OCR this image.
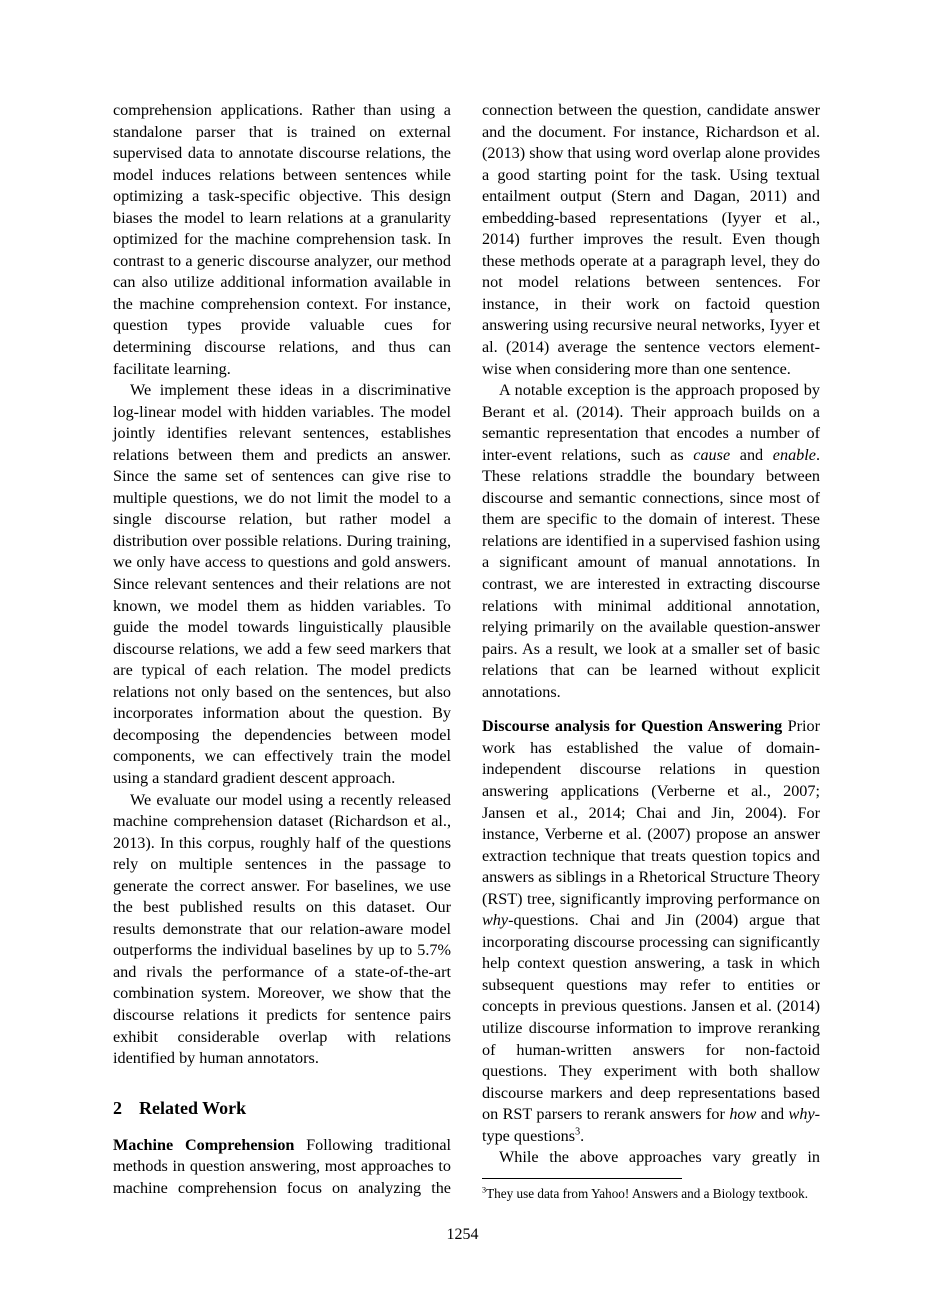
comprehension applications. Rather than using a standalone parser that is trained on external supervised data to annotate discourse relations, the model induces relations between sentences while optimizing a task-specific objective. This design biases the model to learn relations at a granularity optimized for the machine comprehension task. In contrast to a generic discourse analyzer, our method can also utilize additional information available in the machine comprehension context. For instance, question types provide valuable cues for determining discourse relations, and thus can facilitate learning.

We implement these ideas in a discriminative log-linear model with hidden variables. The model jointly identifies relevant sentences, establishes relations between them and predicts an answer. Since the same set of sentences can give rise to multiple questions, we do not limit the model to a single discourse relation, but rather model a distribution over possible relations. During training, we only have access to questions and gold answers. Since relevant sentences and their relations are not known, we model them as hidden variables. To guide the model towards linguistically plausible discourse relations, we add a few seed markers that are typical of each relation. The model predicts relations not only based on the sentences, but also incorporates information about the question. By decomposing the dependencies between model components, we can effectively train the model using a standard gradient descent approach.

We evaluate our model using a recently released machine comprehension dataset (Richardson et al., 2013). In this corpus, roughly half of the questions rely on multiple sentences in the passage to generate the correct answer. For baselines, we use the best published results on this dataset. Our results demonstrate that our relation-aware model outperforms the individual baselines by up to 5.7% and rivals the performance of a state-of-the-art combination system. Moreover, we show that the discourse relations it predicts for sentence pairs exhibit considerable overlap with relations identified by human annotators.

2 Related Work

Machine Comprehension Following traditional methods in question answering, most approaches to machine comprehension focus on analyzing the

connection between the question, candidate answer and the document. For instance, Richardson et al. (2013) show that using word overlap alone provides a good starting point for the task. Using textual entailment output (Stern and Dagan, 2011) and embedding-based representations (Iyyer et al., 2014) further improves the result. Even though these methods operate at a paragraph level, they do not model relations between sentences. For instance, in their work on factoid question answering using recursive neural networks, Iyyer et al. (2014) average the sentence vectors element-wise when considering more than one sentence.

A notable exception is the approach proposed by Berant et al. (2014). Their approach builds on a semantic representation that encodes a number of inter-event relations, such as cause and enable. These relations straddle the boundary between discourse and semantic connections, since most of them are specific to the domain of interest. These relations are identified in a supervised fashion using a significant amount of manual annotations. In contrast, we are interested in extracting discourse relations with minimal additional annotation, relying primarily on the available question-answer pairs. As a result, we look at a smaller set of basic relations that can be learned without explicit annotations.

Discourse analysis for Question Answering Prior work has established the value of domain-independent discourse relations in question answering applications (Verberne et al., 2007; Jansen et al., 2014; Chai and Jin, 2004). For instance, Verberne et al. (2007) propose an answer extraction technique that treats question topics and answers as siblings in a Rhetorical Structure Theory (RST) tree, significantly improving performance on why-questions. Chai and Jin (2004) argue that incorporating discourse processing can significantly help context question answering, a task in which subsequent questions may refer to entities or concepts in previous questions. Jansen et al. (2014) utilize discourse information to improve reranking of human-written answers for non-factoid questions. They experiment with both shallow discourse markers and deep representations based on RST parsers to rerank answers for how and why-type questions$^3$.

While the above approaches vary greatly in

$^3$They use data from Yahoo! Answers and a Biology textbook.

1254
